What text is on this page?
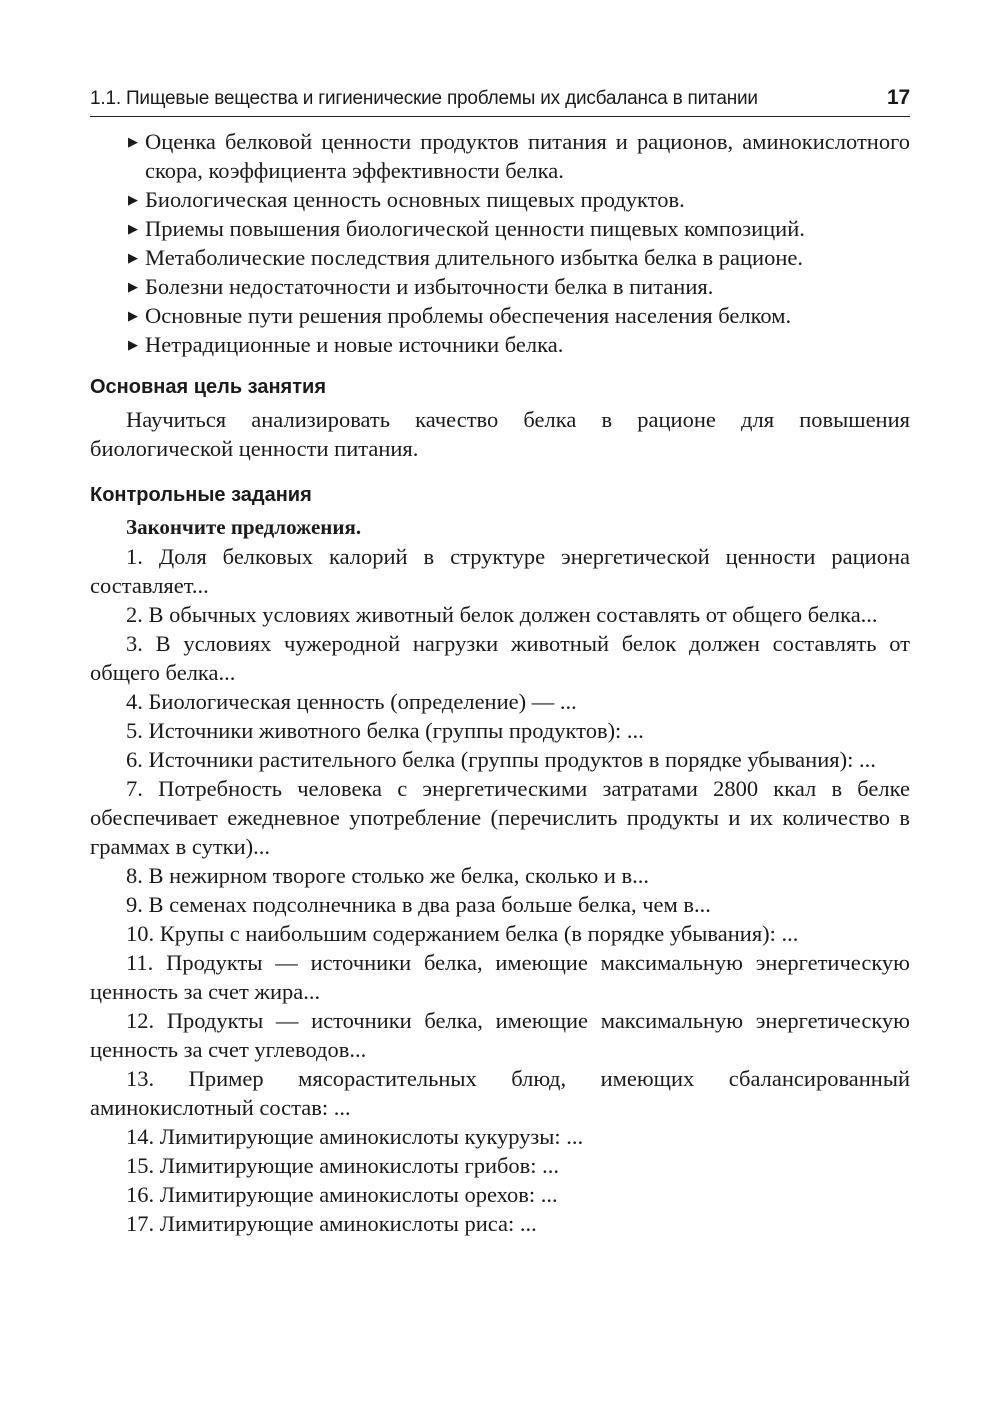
1.1. Пищевые вещества и гигиенические проблемы их дисбаланса в питании	17
▶ Оценка белковой ценности продуктов питания и рационов, аминокислотного скора, коэффициента эффективности белка.
▶ Биологическая ценность основных пищевых продуктов.
▶ Приемы повышения биологической ценности пищевых композиций.
▶ Метаболические последствия длительного избытка белка в рационе.
▶ Болезни недостаточности и избыточности белка в питания.
▶ Основные пути решения проблемы обеспечения населения белком.
▶ Нетрадиционные и новые источники белка.
Основная цель занятия

Научиться анализировать качество белка в рационе для повышения биологической ценности питания.

Контрольные задания
Закончите предложения.

1. Доля белковых калорий в структуре энергетической ценности рациона составляет...

2. В обычных условиях животный белок должен составлять от общего белка...

3. В условиях чужеродной нагрузки животный белок должен составлять от общего белка...

4. Биологическая ценность (определение) — ...

5. Источники животного белка (группы продуктов): ...

6. Источники растительного белка (группы продуктов в порядке убывания): ...

7. Потребность человека с энергетическими затратами 2800 ккал в белке обеспечивает ежедневное употребление (перечислить продукты и их количество в граммах в сутки)...

8. В нежирном твороге столько же белка, сколько и в...

9. В семенах подсолнечника в два раза больше белка, чем в...

10. Крупы с наибольшим содержанием белка (в порядке убывания): ...

11. Продукты — источники белка, имеющие максимальную энергетическую ценность за счет жира...

12. Продукты — источники белка, имеющие максимальную энергетическую ценность за счет углеводов...

13. Пример мясорастительных блюд, имеющих сбалансированный аминокислотный состав: ...

14. Лимитирующие аминокислоты кукурузы: ...

15. Лимитирующие аминокислоты грибов: ...

16. Лимитирующие аминокислоты орехов: ...

17. Лимитирующие аминокислоты риса: ...
